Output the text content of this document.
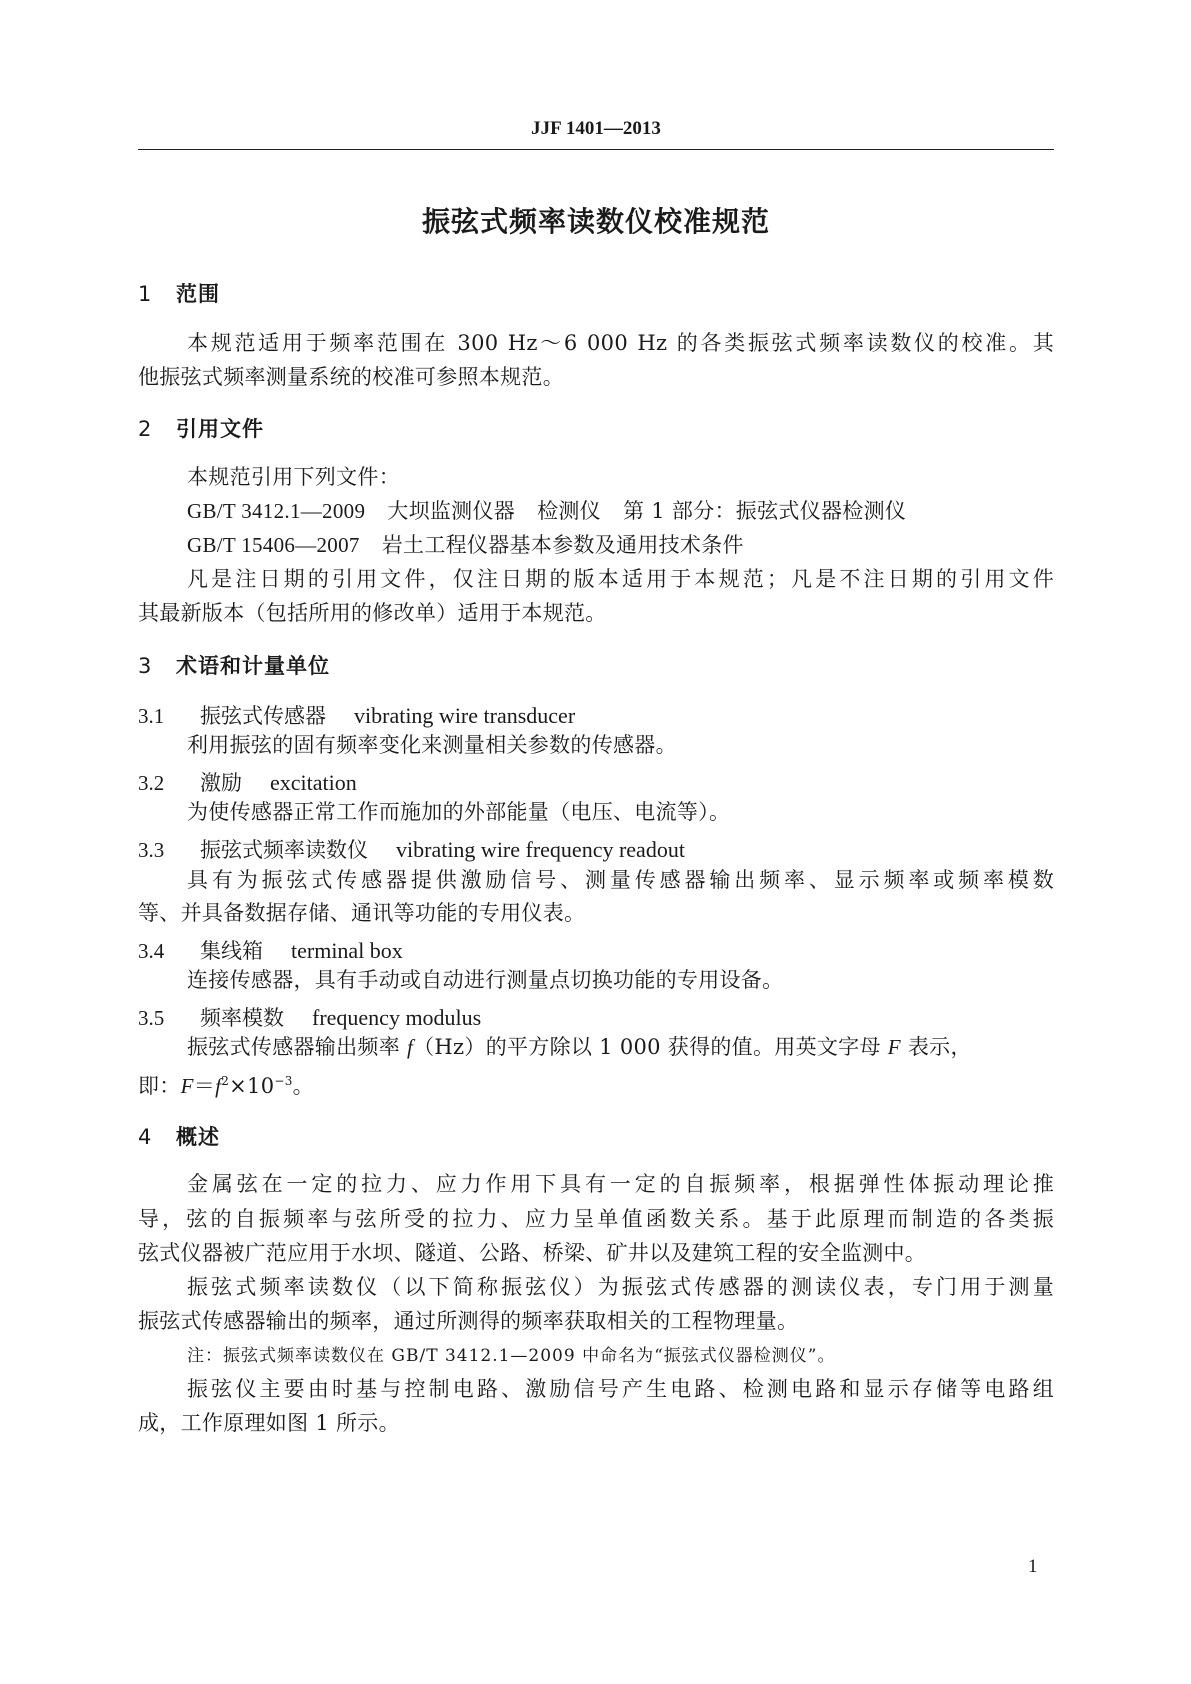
JJF 1401—2013
振弦式频率读数仪校准规范
1 范围
本规范适用于频率范围在 300 Hz～6 000 Hz 的各类振弦式频率读数仪的校准。其
他振弦式频率测量系统的校准可参照本规范。
2 引用文件
本规范引用下列文件：
GB/T 3412.1—2009 大坝监测仪器 检测仪 第 1 部分：振弦式仪器检测仪
GB/T 15406—2007 岩土工程仪器基本参数及通用技术条件
凡是注日期的引用文件，仅注日期的版本适用于本规范；凡是不注日期的引用文件
其最新版本（包括所用的修改单）适用于本规范。
3 术语和计量单位
3.1 振弦式传感器 vibrating wire transducer
利用振弦的固有频率变化来测量相关参数的传感器。
3.2 激励 excitation
为使传感器正常工作而施加的外部能量（电压、电流等）。
3.3 振弦式频率读数仪 vibrating wire frequency readout
具有为振弦式传感器提供激励信号、测量传感器输出频率、显示频率或频率模数
等、并具备数据存储、通讯等功能的专用仪表。
3.4 集线箱 terminal box
连接传感器，具有手动或自动进行测量点切换功能的专用设备。
3.5 频率模数 frequency modulus
振弦式传感器输出频率 f（Hz）的平方除以 1 000 获得的值。用英文字母 F 表示，
即：$F=f^2\times 10^{-3}$。
4 概述
金属弦在一定的拉力、应力作用下具有一定的自振频率，根据弹性体振动理论推
导，弦的自振频率与弦所受的拉力、应力呈单值函数关系。基于此原理而制造的各类振
弦式仪器被广范应用于水坝、隧道、公路、桥梁、矿井以及建筑工程的安全监测中。
振弦式频率读数仪（以下简称振弦仪）为振弦式传感器的测读仪表，专门用于测量
振弦式传感器输出的频率，通过所测得的频率获取相关的工程物理量。
注：振弦式频率读数仪在 GB/T 3412.1—2009 中命名为“振弦式仪器检测仪”。
振弦仪主要由时基与控制电路、激励信号产生电路、检测电路和显示存储等电路组
成，工作原理如图 1 所示。
1
